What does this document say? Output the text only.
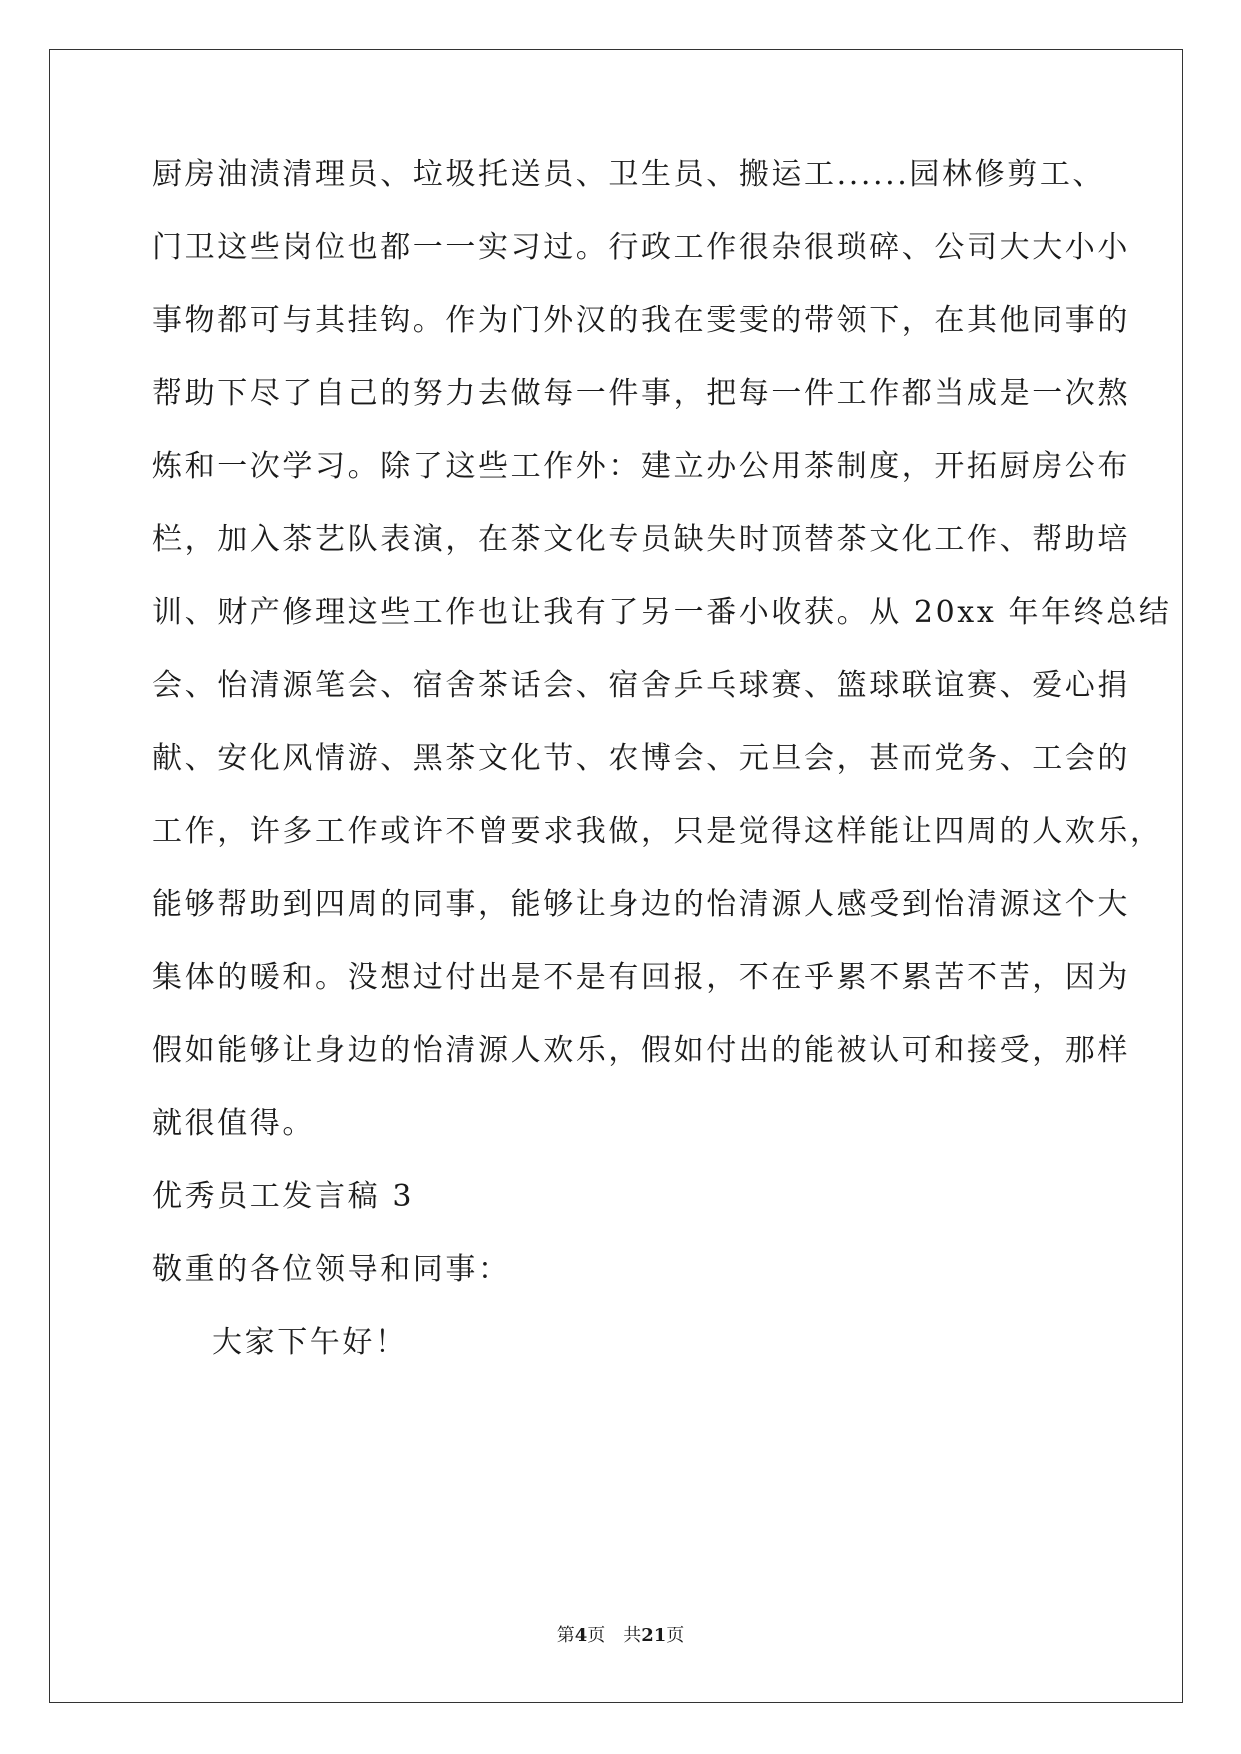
厨房油渍清理员、垃圾托送员、卫生员、搬运工......园林修剪工、

门卫这些岗位也都一一实习过。行政工作很杂很琐碎、公司大大小小

事物都可与其挂钩。作为门外汉的我在雯雯的带领下，在其他同事的

帮助下尽了自己的努力去做每一件事，把每一件工作都当成是一次熬

炼和一次学习。除了这些工作外：建立办公用茶制度，开拓厨房公布

栏，加入茶艺队表演，在茶文化专员缺失时顶替茶文化工作、帮助培

训、财产修理这些工作也让我有了另一番小收获。从 20xx 年年终总结

会、怡清源笔会、宿舍茶话会、宿舍乒乓球赛、篮球联谊赛、爱心捐

献、安化风情游、黑茶文化节、农博会、元旦会，甚而党务、工会的

工作，许多工作或许不曾要求我做，只是觉得这样能让四周的人欢乐，

能够帮助到四周的同事，能够让身边的怡清源人感受到怡清源这个大

集体的暖和。没想过付出是不是有回报，不在乎累不累苦不苦，因为

假如能够让身边的怡清源人欢乐，假如付出的能被认可和接受，那样

就很值得。

优秀员工发言稿 3

敬重的各位领导和同事：

大家下午好！

第4页 共21页
